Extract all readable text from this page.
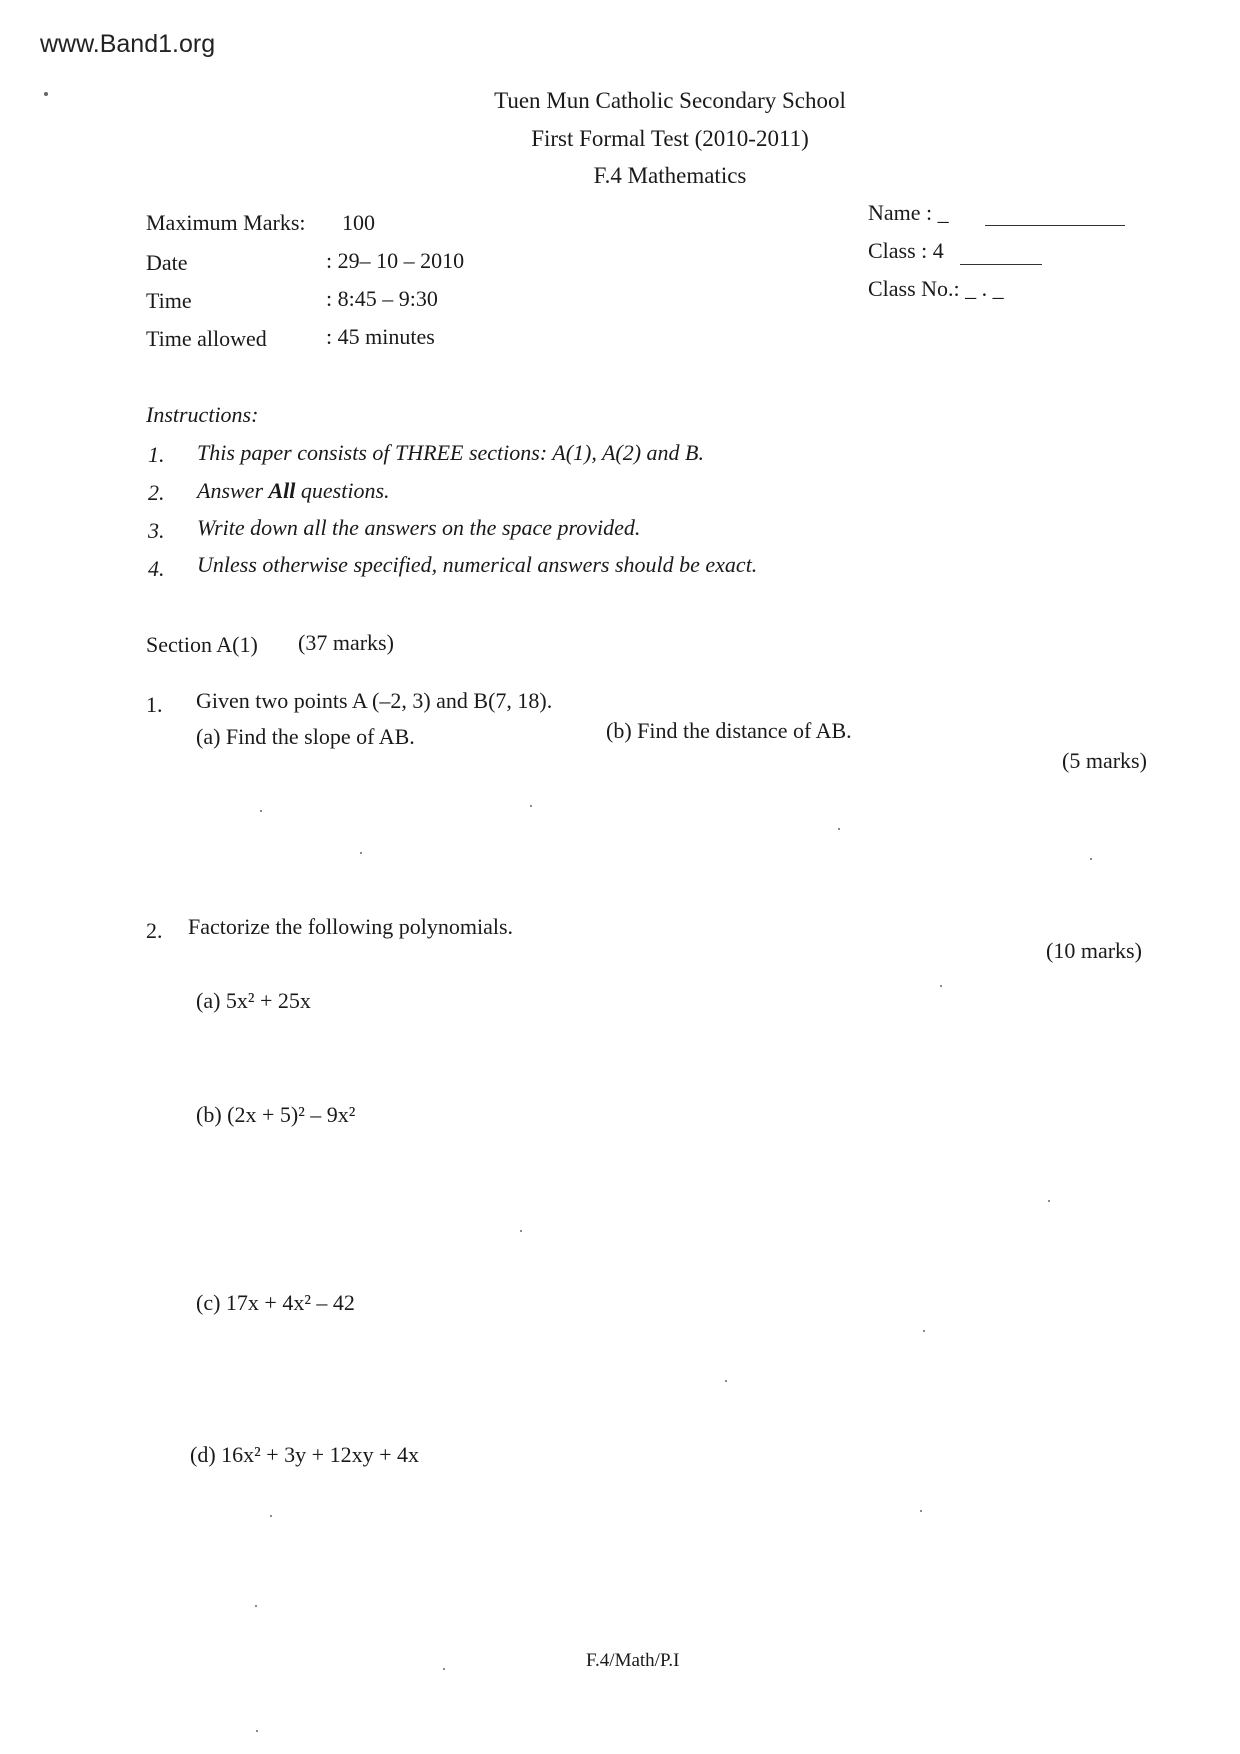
www.Band1.org
Tuen Mun Catholic Secondary School
First Formal Test (2010-2011)
F.4 Mathematics
Maximum Marks: 100
Date	: 29– 10 – 2010
Time	: 8:45 – 9:30
Time allowed	: 45 minutes
Name : _
Class : 4
Class No.: _ . _
Instructions:
1. This paper consists of THREE sections: A(1), A(2) and B.
2. Answer All questions.
3. Write down all the answers on the space provided.
4. Unless otherwise specified, numerical answers should be exact.
Section A(1) (37 marks)
1. Given two points A (–2, 3) and B(7, 18).
(a) Find the slope of AB.	(b) Find the distance of AB.
(5 marks)
2. Factorize the following polynomials.
(10 marks)
(a) 5x² + 25x
(b) (2x + 5)² – 9x²
(c) 17x + 4x² – 42
(d) 16x² + 3y + 12xy + 4x
F.4/Math/P.I
